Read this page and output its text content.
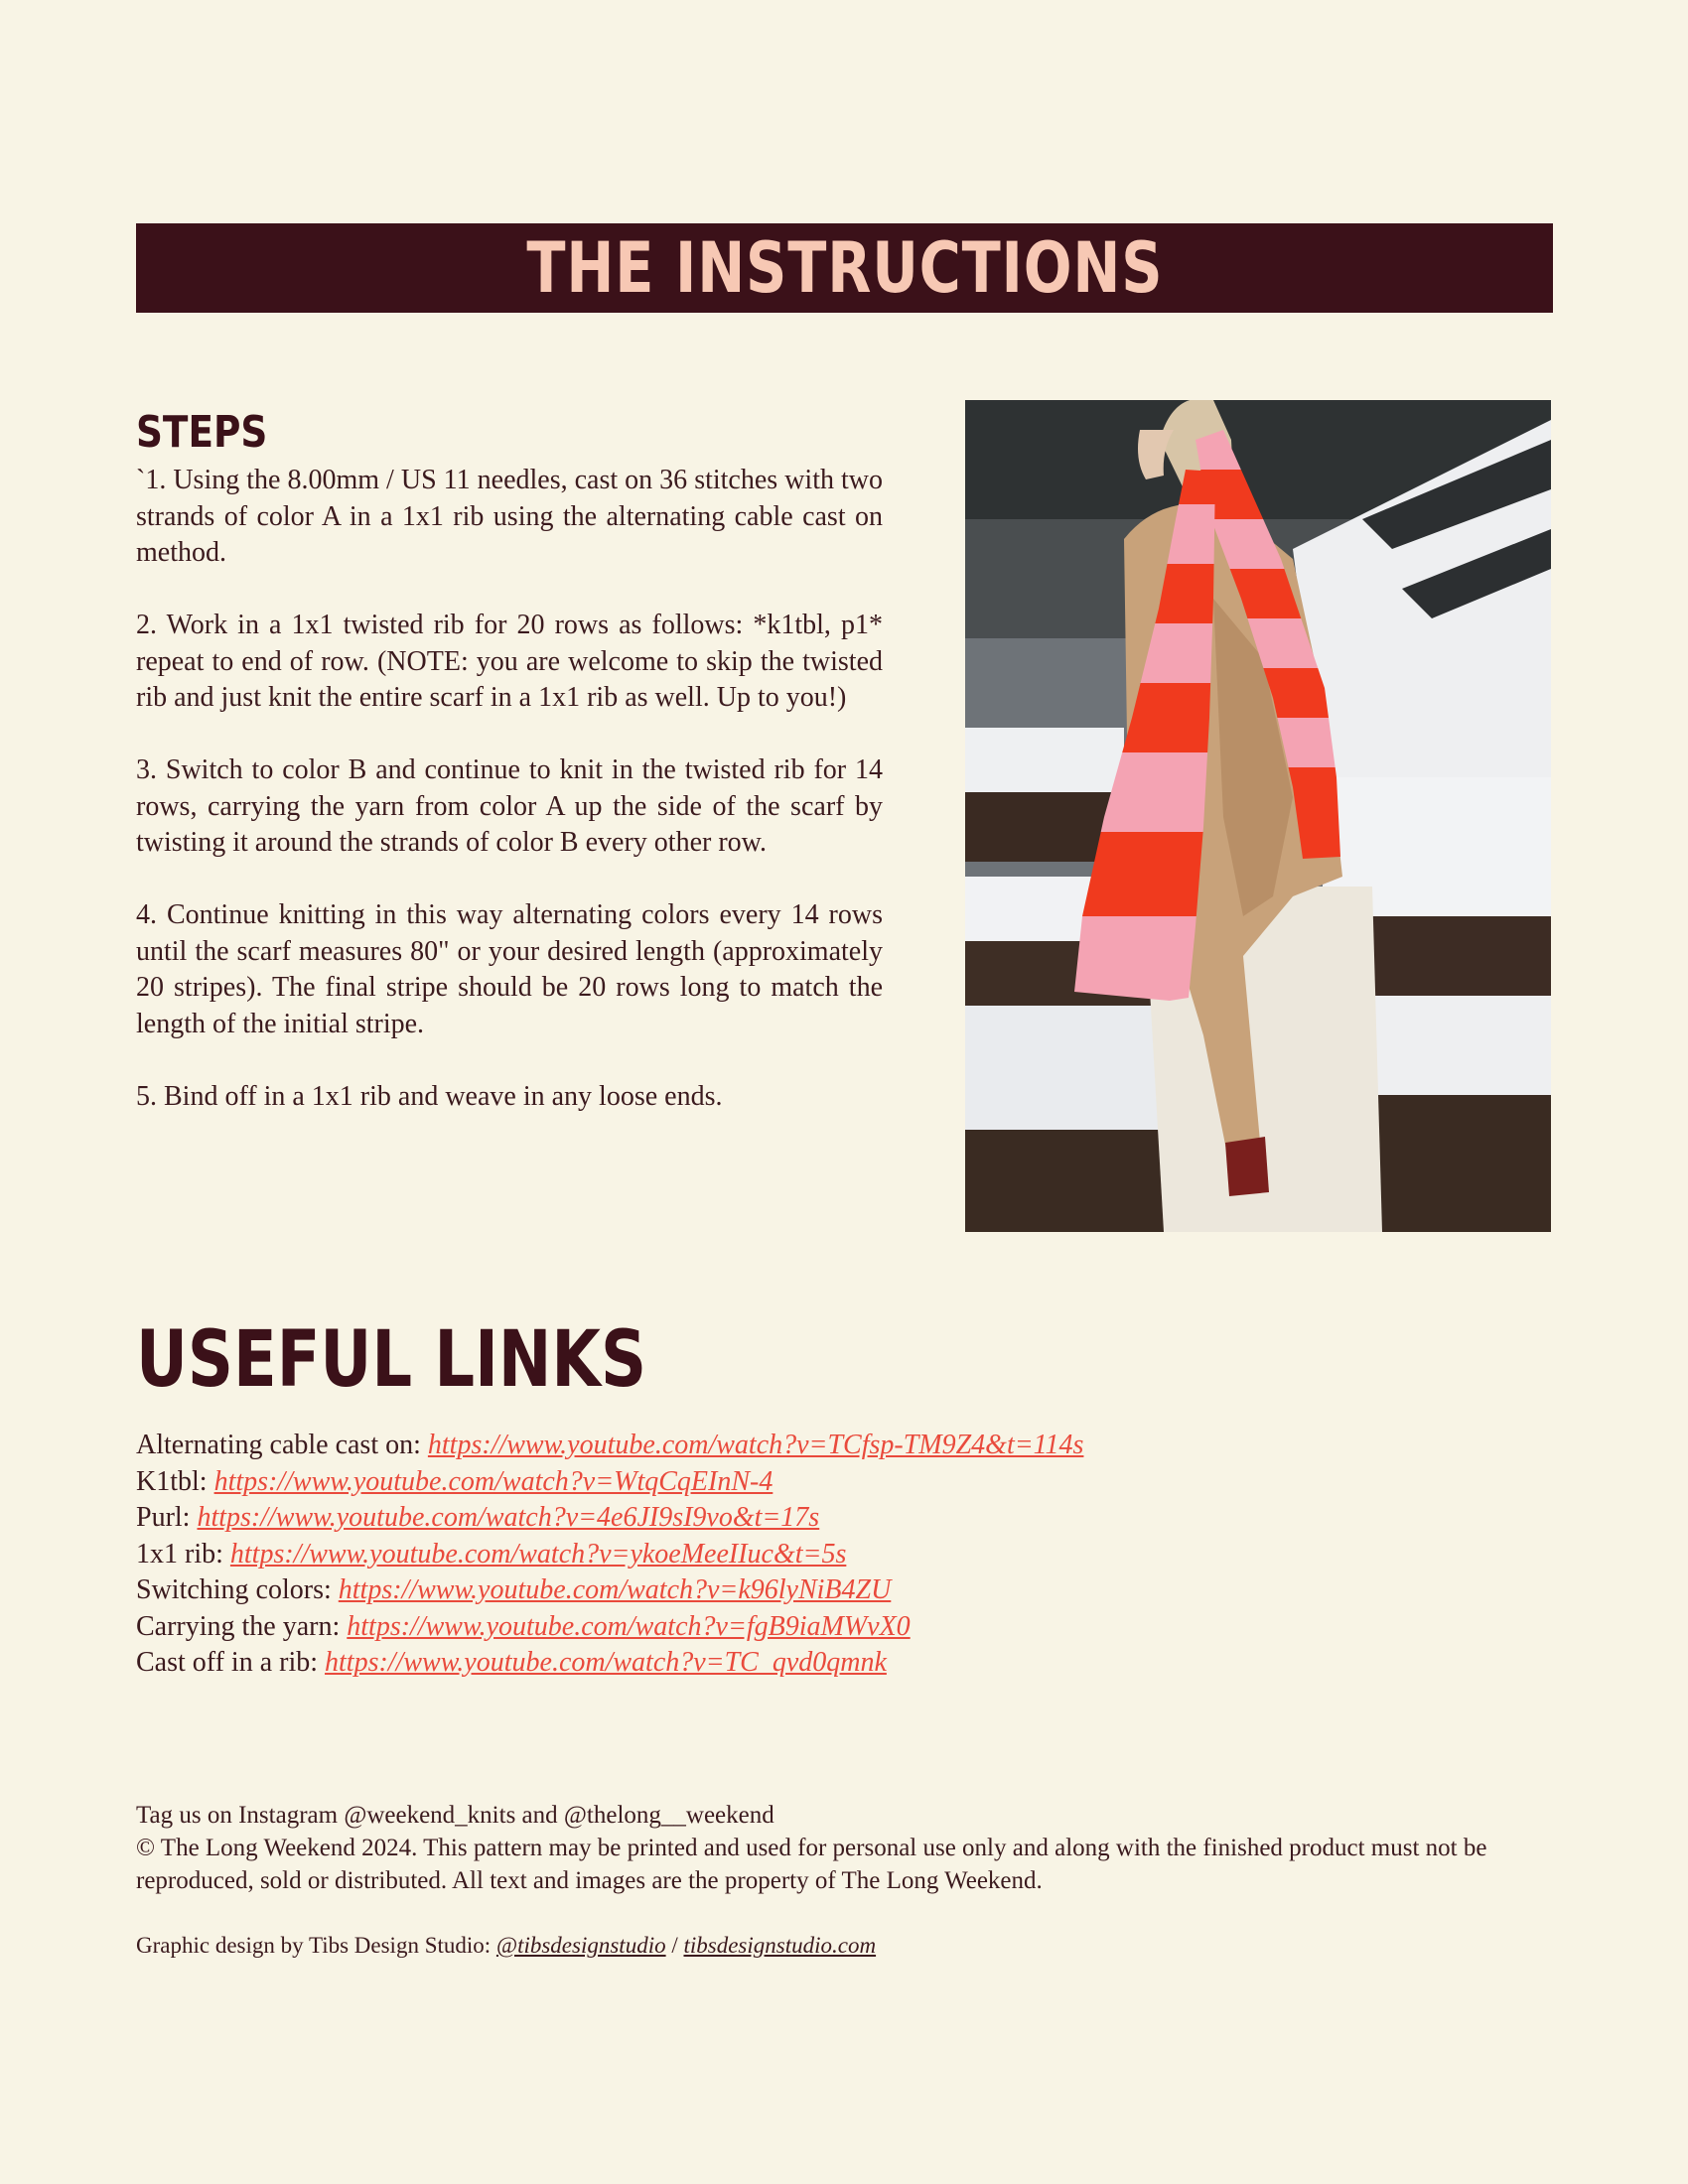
THE INSTRUCTIONS
STEPS

`1. Using the 8.00mm / US 11 needles, cast on 36 stitches with two strands of color A in a 1x1 rib using the alternating cable cast on method.

2. Work in a 1x1 twisted rib for 20 rows as follows: *k1tbl, p1* repeat to end of row. (NOTE: you are welcome to skip the twisted rib and just knit the entire scarf in a 1x1 rib as well. Up to you!)

3. Switch to color B and continue to knit in the twisted rib for 14 rows, carrying the yarn from color A up the side of the scarf by twisting it around the strands of color B every other row.

4. Continue knitting in this way alternating colors every 14 rows until the scarf measures 80" or your desired length (approximately 20 stripes). The final stripe should be 20 rows long to match the length of the initial stripe.

5. Bind off in a 1x1 rib and weave in any loose ends.

USEFUL LINKS
Alternating cable cast on: https://www.youtube.com/watch?v=TCfsp-TM9Z4&t=114s
K1tbl: https://www.youtube.com/watch?v=WtqCqEInN-4
Purl: https://www.youtube.com/watch?v=4e6JI9sI9vo&t=17s
1x1 rib: https://www.youtube.com/watch?v=ykoeMeeIIuc&t=5s
Switching colors: https://www.youtube.com/watch?v=k96lyNiB4ZU
Carrying the yarn: https://www.youtube.com/watch?v=fgB9iaMWvX0
Cast off in a rib: https://www.youtube.com/watch?v=TC_qvd0qmnk

Tag us on Instagram @weekend_knits and @thelong__weekend

© The Long Weekend 2024. This pattern may be printed and used for personal use only and along with the finished product must not be reproduced, sold or distributed. All text and images are the property of The Long Weekend.

Graphic design by Tibs Design Studio: @tibsdesignstudio / tibsdesignstudio.com
